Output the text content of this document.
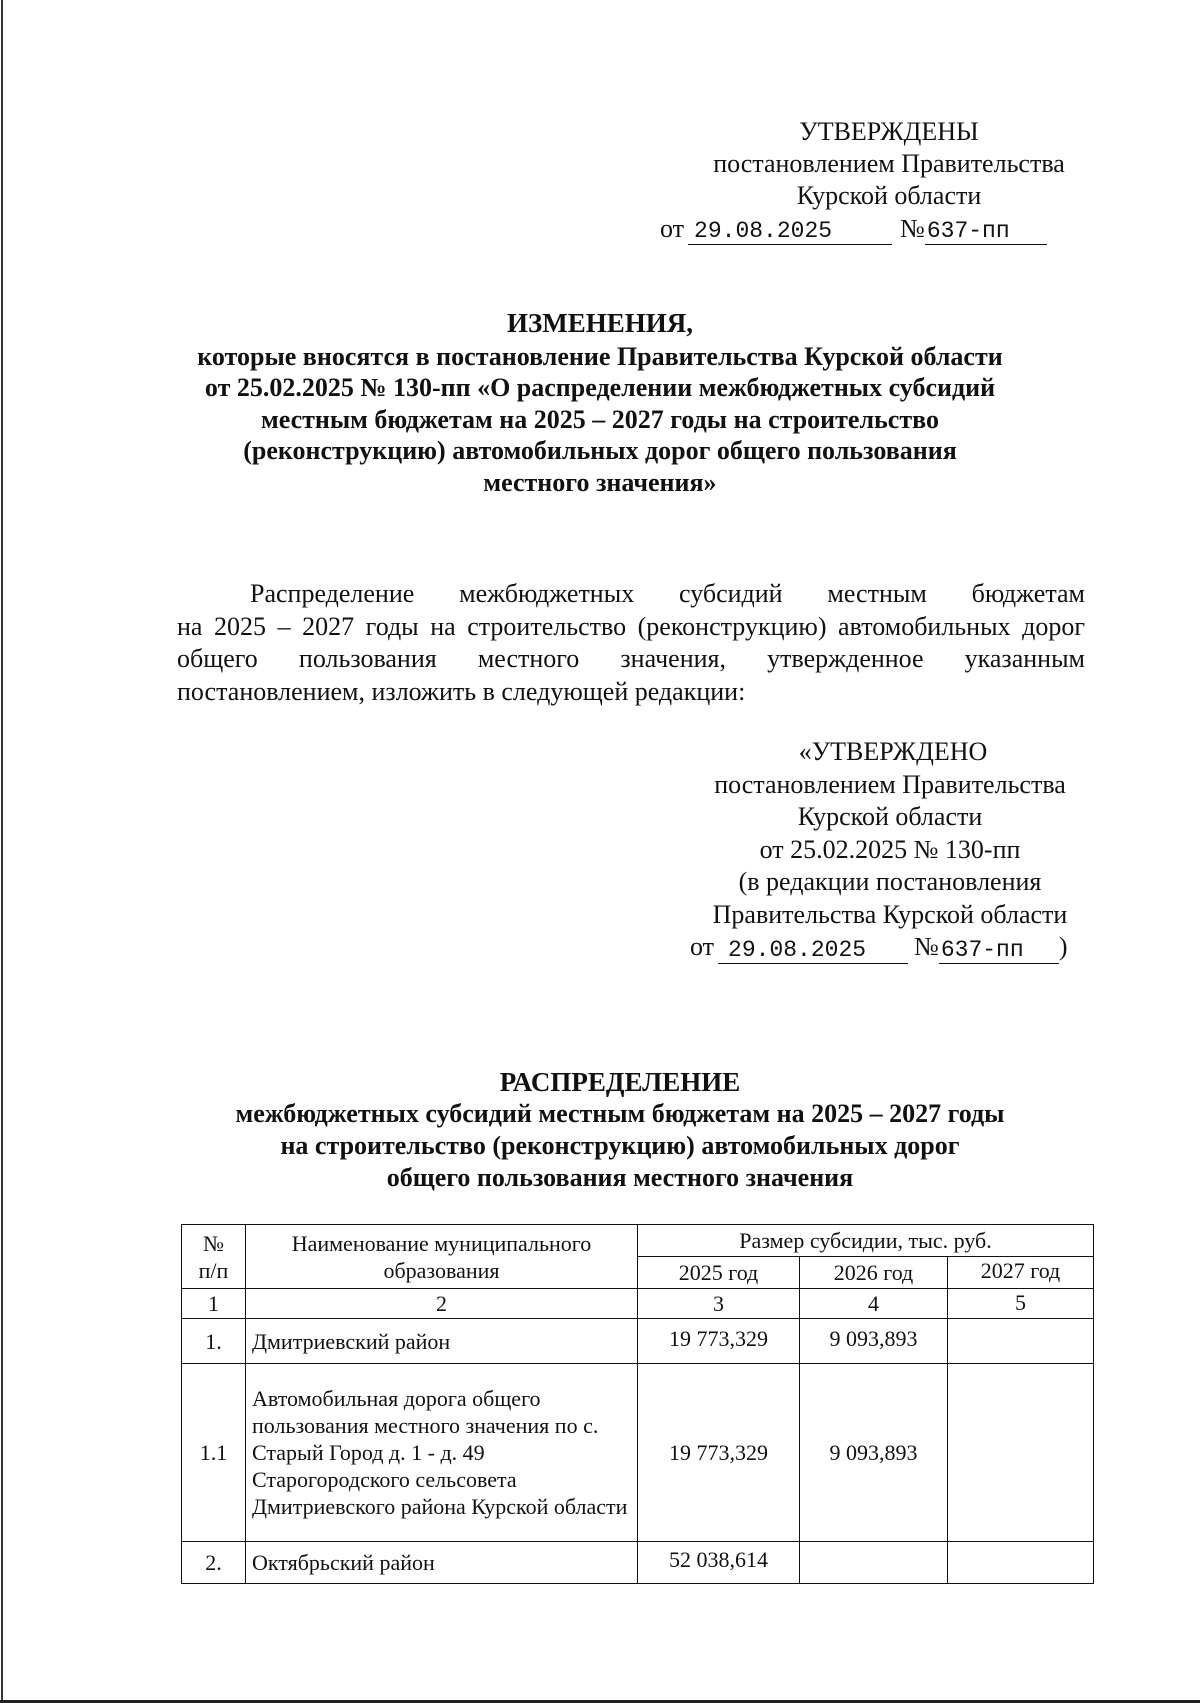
УТВЕРЖДЕНЫ
постановлением Правительства
Курской области
от 29.08.2025	№ 637-пп
ИЗМЕНЕНИЯ,
которые вносятся в постановление Правительства Курской области
от 25.02.2025 № 130-пп «О распределении межбюджетных субсидий
местным бюджетам на 2025 – 2027 годы на строительство
(реконструкцию) автомобильных дорог общего пользования
местного значения»
Распределение межбюджетных субсидий местным бюджетам
на 2025 – 2027 годы на строительство (реконструкцию) автомобильных дорог общего пользования местного значения, утвержденное указанным постановлением, изложить в следующей редакции:
«УТВЕРЖДЕНО
постановлением Правительства
Курской области
от 25.02.2025 № 130-пп
(в редакции постановления
Правительства Курской области
от 29.08.2025	№ 637-пп	)
РАСПРЕДЕЛЕНИЕ
межбюджетных субсидий местным бюджетам на 2025 – 2027 годы
на строительство (реконструкцию) автомобильных дорог
общего пользования местного значения
№
п/п	Наименование муниципального образования	Размер субсидии, тыс. руб.		
		2025 год	2026 год	2027 год
1	2	3	4	5
1.	Дмитриевский район	19 773,329	9 093,893	
1.1	Автомобильная дорога общего пользования местного значения по с. Старый Город д. 1 - д. 49 Старогородского сельсовета Дмитриевского района Курской области	19 773,329	9 093,893	
2.	Октябрьский район	52 038,614		
